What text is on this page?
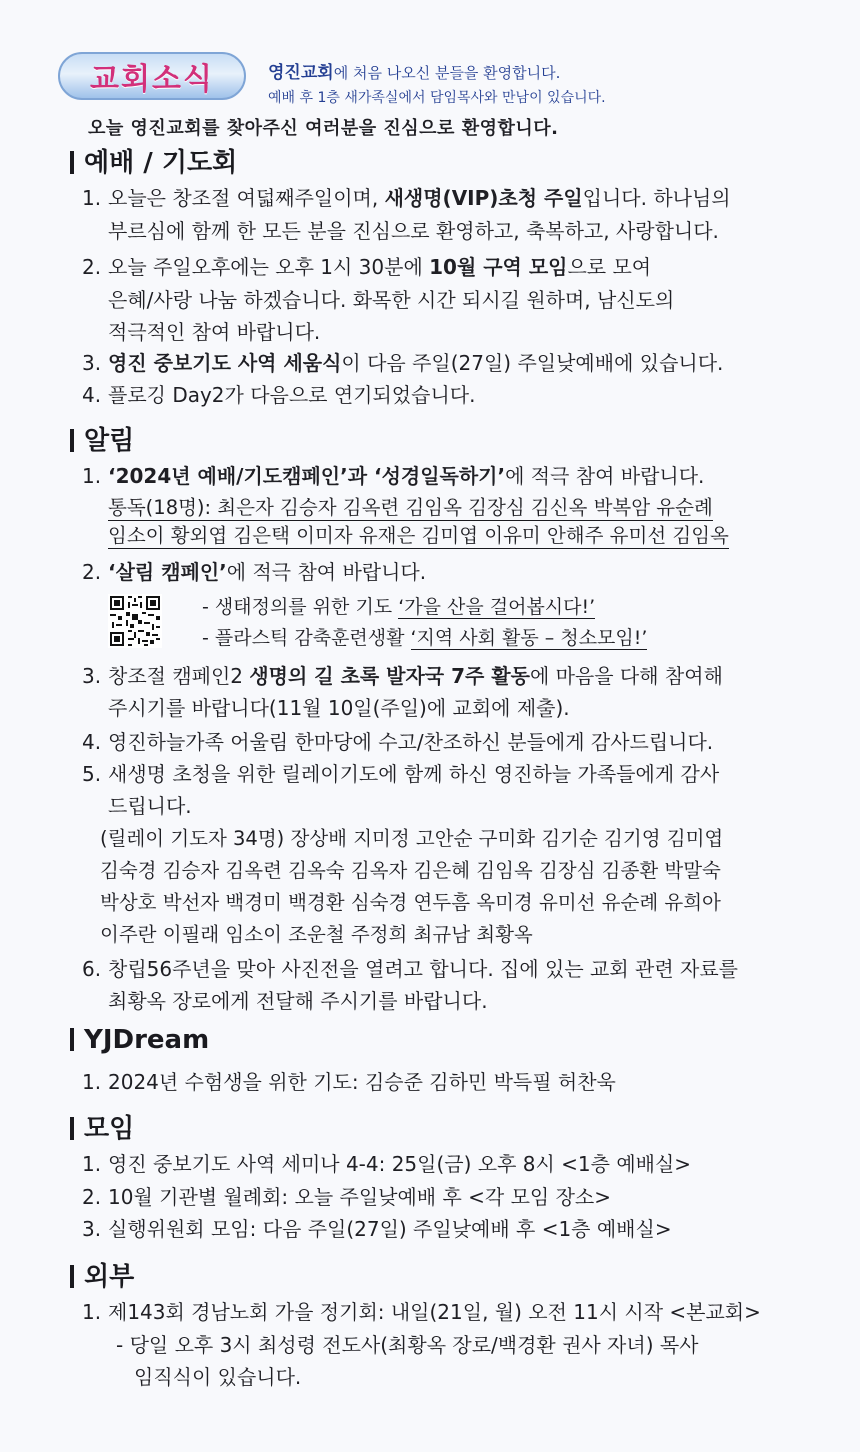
교회소식	영진교회에 처음 나오신 분들을 환영합니다.
예배 후 1층 새가족실에서 담임목사와 만남이 있습니다.
오늘 영진교회를 찾아주신 여러분을 진심으로 환영합니다.
예배 / 기도회
1. 오늘은 창조절 여덟째주일이며, 새생명(VIP)초청 주일입니다. 하나님의
부르심에 함께 한 모든 분을 진심으로 환영하고, 축복하고, 사랑합니다.
2. 오늘 주일오후에는 오후 1시 30분에 10월 구역 모임으로 모여
은혜/사랑 나눔 하겠습니다. 화목한 시간 되시길 원하며, 남신도의
적극적인 참여 바랍니다.
3. 영진 중보기도 사역 세움식이 다음 주일(27일) 주일낮예배에 있습니다.
4. 플로깅 Day2가 다음으로 연기되었습니다.
알림
1. ‘2024년 예배/기도캠페인’과 ‘성경일독하기’에 적극 참여 바랍니다.
통독(18명): 최은자 김승자 김옥련 김임옥 김장심 김신옥 박복암 유순례
임소이 황외엽 김은택 이미자 유재은 김미엽 이유미 안해주 유미선 김임옥
2. ‘살림 캠페인’에 적극 참여 바랍니다.
- 생태정의를 위한 기도 ‘가을 산을 걸어봅시다!’
- 플라스틱 감축훈련생활 ‘지역 사회 활동 – 청소모임!’
3. 창조절 캠페인2 생명의 길 초록 발자국 7주 활동에 마음을 다해 참여해
주시기를 바랍니다(11월 10일(주일)에 교회에 제출).
4. 영진하늘가족 어울림 한마당에 수고/찬조하신 분들에게 감사드립니다.
5. 새생명 초청을 위한 릴레이기도에 함께 하신 영진하늘 가족들에게 감사
드립니다.
(릴레이 기도자 34명) 장상배 지미정 고안순 구미화 김기순 김기영 김미엽
김숙경 김승자 김옥련 김옥숙 김옥자 김은혜 김임옥 김장심 김종환 박말숙
박상호 박선자 백경미 백경환 심숙경 연두흠 옥미경 유미선 유순례 유희아
이주란 이필래 임소이 조운철 주정희 최규남 최황옥
6. 창립56주년을 맞아 사진전을 열려고 합니다. 집에 있는 교회 관련 자료를
최황옥 장로에게 전달해 주시기를 바랍니다.
YJDream
1. 2024년 수험생을 위한 기도: 김승준 김하민 박득필 허찬욱
모임
1. 영진 중보기도 사역 세미나 4-4: 25일(금) 오후 8시 <1층 예배실>
2. 10월 기관별 월례회: 오늘 주일낮예배 후 <각 모임 장소>
3. 실행위원회 모임: 다음 주일(27일) 주일낮예배 후 <1층 예배실>
외부
1. 제143회 경남노회 가을 정기회: 내일(21일, 월) 오전 11시 시작 <본교회>
- 당일 오후 3시 최성령 전도사(최황옥 장로/백경환 권사 자녀) 목사
임직식이 있습니다.
